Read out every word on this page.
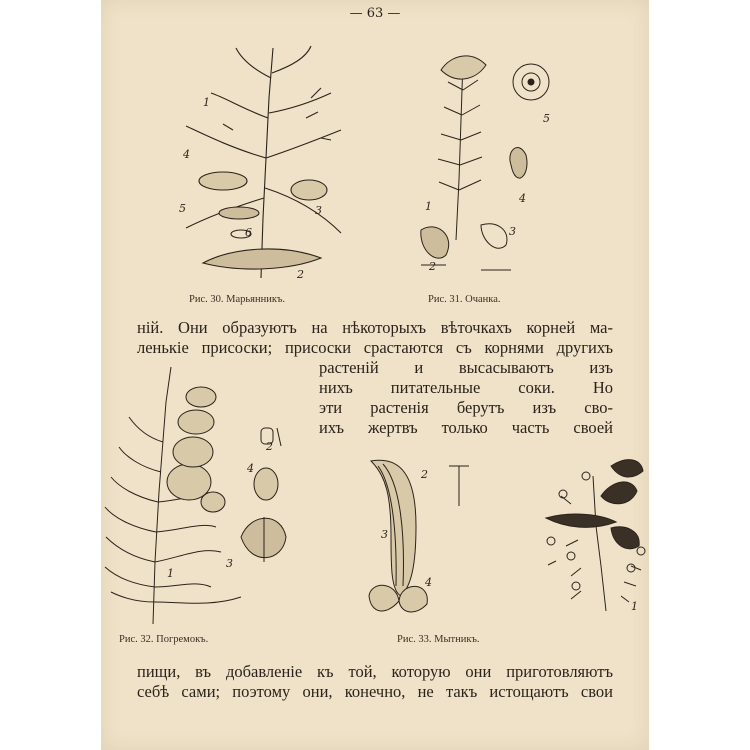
— 63 —
1
2
3
4
5
6
Рис. 30. Марьянникъ.
5
4
1
2
3
Рис. 31. Очанка.
ній. Они образуютъ на нѣкоторыхъ вѣточкахъ корней ма-
ленькіе присоски; присоски срастаются съ корнями другихъ
растеній и высасываютъ изъ
нихъ питательные соки. Но
эти растенія берутъ изъ сво-
ихъ жертвъ только часть своей
4
2
3
1
Рис. 32. Погремокъ.
3
2
4
1
Рис. 33. Мытникъ.
пищи, въ добавленіе къ той, которую они приготовляютъ
себѣ сами; поэтому они, конечно, не такъ истощаютъ свои
